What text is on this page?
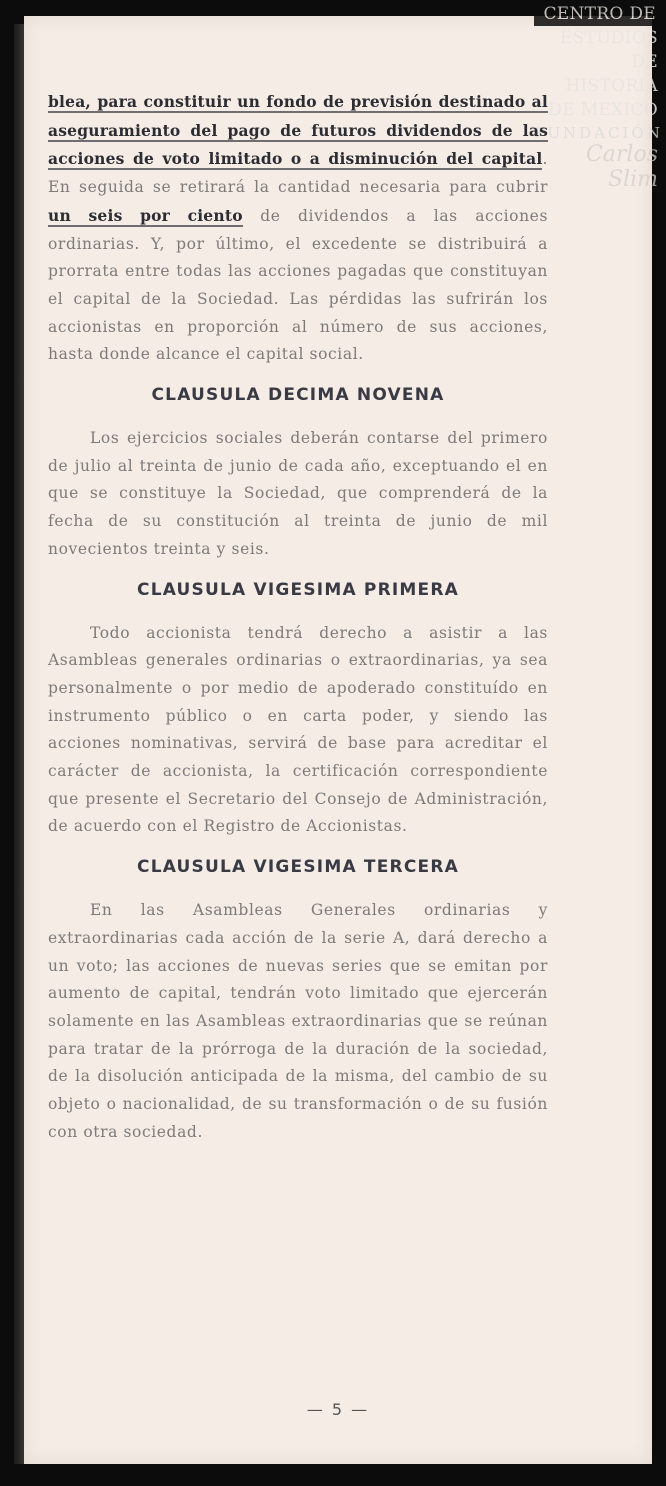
— 5 —
CENTRO DE
ESTUDIOS
DE HISTORIA
DE MEXICO
FUNDACIÓN
Carlos Slim

blea, para constituir un fondo de previsión destinado al aseguramiento del pago de futuros dividendos de las acciones de voto limitado o a disminución del capital. En seguida se retirará la cantidad necesaria para cubrir un seis por ciento de dividendos a las acciones ordinarias. Y, por último, el excedente se distribuirá a prorrata entre todas las acciones pagadas que constituyan el capital de la Sociedad. Las pérdidas las sufrirán los accionistas en proporción al número de sus acciones, hasta donde alcance el capital social.

CLAUSULA DECIMA NOVENA

Los ejercicios sociales deberán contarse del primero de julio al treinta de junio de cada año, exceptuando el en que se constituye la Sociedad, que comprenderá de la fecha de su constitución al treinta de junio de mil novecientos treinta y seis.

CLAUSULA VIGESIMA PRIMERA

Todo accionista tendrá derecho a asistir a las Asambleas generales ordinarias o extraordinarias, ya sea personalmente o por medio de apoderado constituído en instrumento público o en carta poder, y siendo las acciones nominativas, servirá de base para acreditar el carácter de accionista, la certificación correspondiente que presente el Secretario del Consejo de Administración, de acuerdo con el Registro de Accionistas.

CLAUSULA VIGESIMA TERCERA

En las Asambleas Generales ordinarias y extraordinarias cada acción de la serie A, dará derecho a un voto; las acciones de nuevas series que se emitan por aumento de capital, tendrán voto limitado que ejercerán solamente en las Asambleas extraordinarias que se reúnan para tratar de la prórroga de la duración de la sociedad, de la disolución anticipada de la misma, del cambio de su objeto o nacionalidad, de su transformación o de su fusión con otra sociedad.
